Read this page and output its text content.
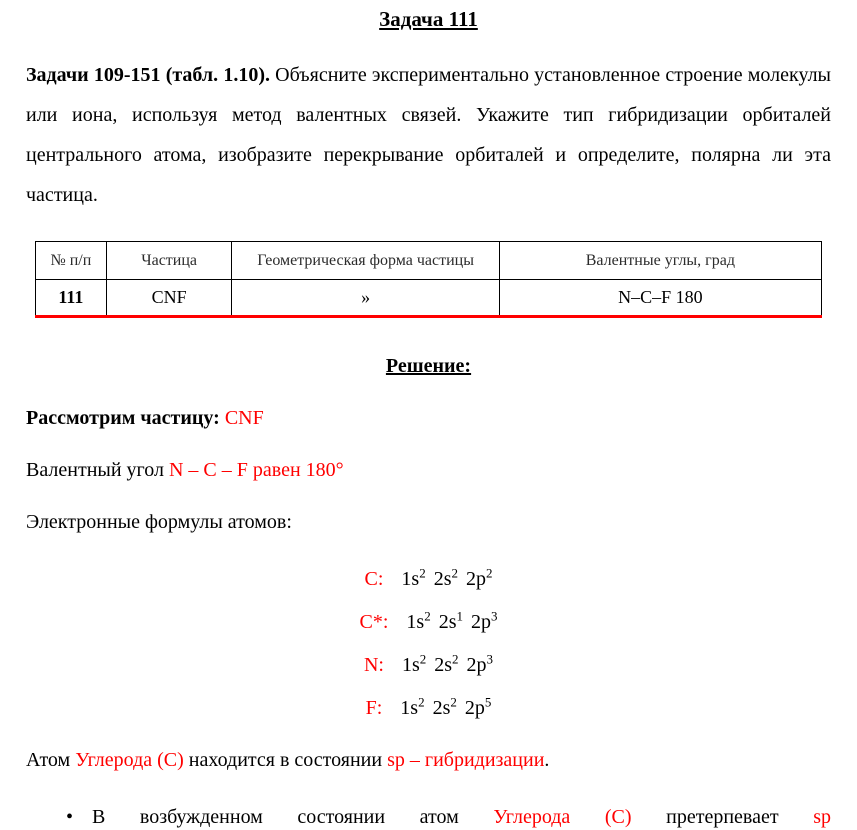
Задача 111

Задачи 109-151 (табл. 1.10). Объясните экспериментально установленное строение молекулы или иона, используя метод валентных связей. Укажите тип гибридизации орбиталей центрального атома, изобразите перекрывание орбиталей и определите, полярна ли эта частица.

№ п/п	Частица	Геометрическая форма частицы	Валентные углы, град
111	CNF	»	N–C–F 180
Решение:

Рассмотрим частицу: CNF

Валентный угол N – C – F равен 180°

Электронные формулы атомов:

C: $1s^2$ $2s^2$ $2p^2$
C*: $1s^2$ $2s^1$ $2p^3$
N: $1s^2$ $2s^2$ $2p^3$
F: $1s^2$ $2s^2$ $2p^5$

Атом Углерода (С) находится в состоянии sp – гибридизации.

• В возбужденном состоянии атом Углерода (С) претерпевает sp
